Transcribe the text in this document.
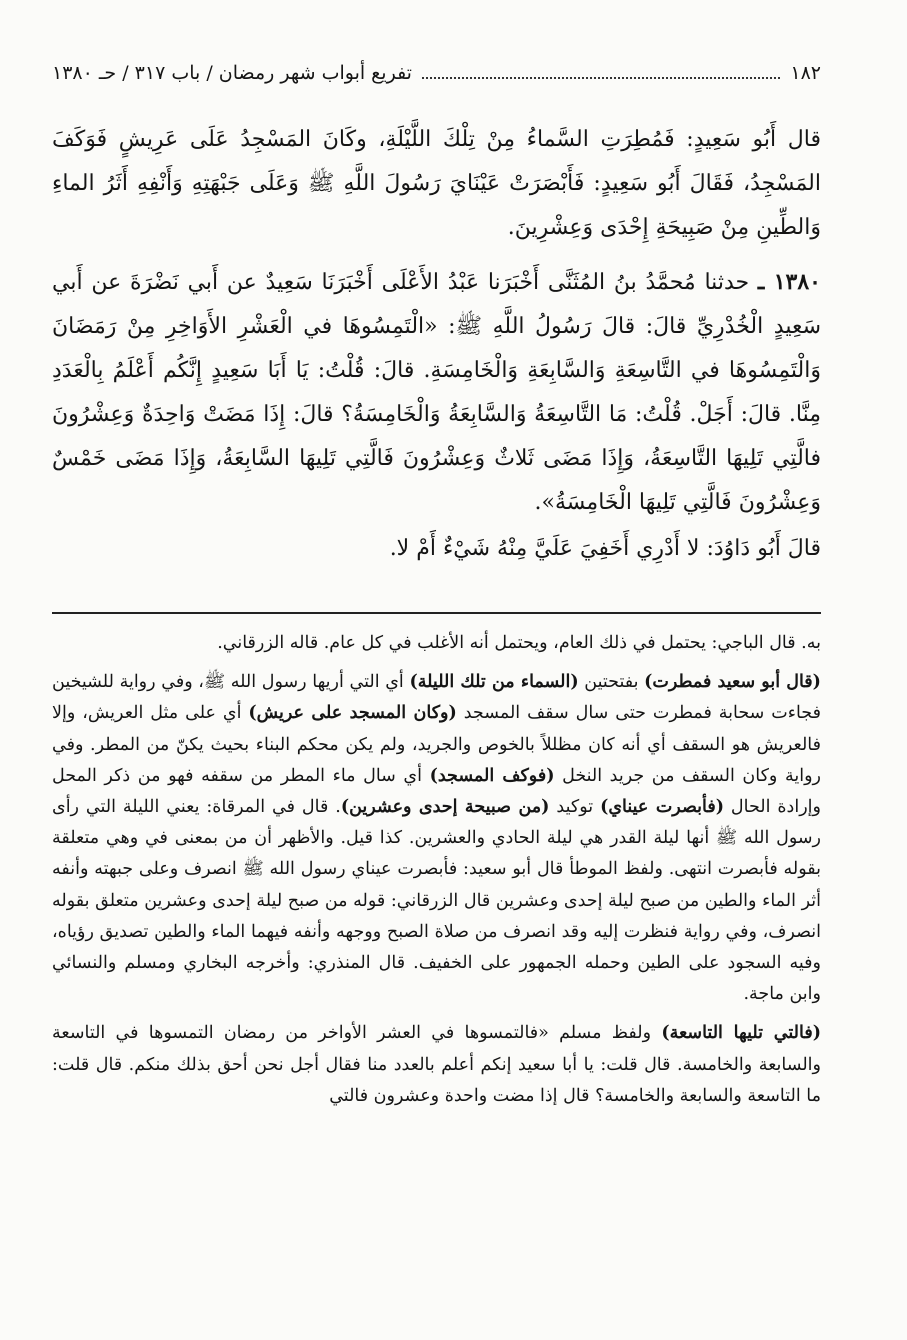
١٨٢
تفريع أبواب شهر رمضان / باب ٣١٧ / حـ ١٣٨٠

قال أَبُو سَعِيدٍ: فَمُطِرَتِ السَّماءُ مِنْ تِلْكَ اللَّيْلَةِ، وكَانَ المَسْجِدُ عَلَى عَرِيشٍ فَوَكَفَ المَسْجِدُ، فَقَالَ أَبُو سَعِيدٍ: فَأَبْصَرَتْ عَيْنَايَ رَسُولَ اللَّهِ ﷺ وَعَلَى جَبْهَتِهِ وَأَنْفِهِ أَثَرُ الماءِ وَالطِّينِ مِنْ صَبِيحَةِ إِحْدَى وَعِشْرِينَ.

١٣٨٠ ـ حدثنا مُحمَّدُ بنُ المُثَنَّى أَخْبَرَنا عَبْدُ الأَعْلَى أَخْبَرَنَا سَعِيدٌ عن أَبي نَضْرَةَ عن أَبي سَعِيدٍ الْخُدْرِيِّ قالَ: قالَ رَسُولُ اللَّهِ ﷺ: «الْتَمِسُوهَا في الْعَشْرِ الأَوَاخِرِ مِنْ رَمَضَانَ وَالْتَمِسُوهَا في التَّاسِعَةِ وَالسَّابِعَةِ وَالْخَامِسَةِ. قالَ: قُلْتُ: يَا أَبَا سَعِيدٍ إِنَّكُم أَعْلَمُ بِالْعَدَدِ مِنَّا. قالَ: أَجَلْ. قُلْتُ: مَا التَّاسِعَةُ وَالسَّابِعَةُ وَالْخَامِسَةُ؟ قالَ: إِذَا مَضَتْ وَاحِدَةٌ وَعِشْرُونَ فالَّتِي تَلِيهَا التَّاسِعَةُ، وَإِذَا مَضَى ثَلاثٌ وَعِشْرُونَ فَالَّتِي تَلِيهَا السَّابِعَةُ، وَإِذَا مَضَى خَمْسٌ وَعِشْرُونَ فَالَّتِي تَلِيهَا الْخَامِسَةُ».

قالَ أَبُو دَاوُدَ: لا أَدْرِي أَخَفِيَ عَلَيَّ مِنْهُ شَيْءٌ أَمْ لا.

به. قال الباجي: يحتمل في ذلك العام، ويحتمل أنه الأغلب في كل عام. قاله الزرقاني.

(قال أبو سعيد فمطرت) بفتحتين (السماء من تلك الليلة) أي التي أريها رسول الله ﷺ، وفي رواية للشيخين فجاءت سحابة فمطرت حتى سال سقف المسجد (وكان المسجد على عريش) أي على مثل العريش، وإلا فالعريش هو السقف أي أنه كان مظللاً بالخوص والجريد، ولم يكن محكم البناء بحيث يكنّ من المطر. وفي رواية وكان السقف من جريد النخل (فوكف المسجد) أي سال ماء المطر من سقفه فهو من ذكر المحل وإرادة الحال (فأبصرت عيناي) توكيد (من صبيحة إحدى وعشرين). قال في المرقاة: يعني الليلة التي رأى رسول الله ﷺ أنها ليلة القدر هي ليلة الحادي والعشرين. كذا قيل. والأظهر أن من بمعنى في وهي متعلقة بقوله فأبصرت انتهى. ولفظ الموطأ قال أبو سعيد: فأبصرت عيناي رسول الله ﷺ انصرف وعلى جبهته وأنفه أثر الماء والطين من صبح ليلة إحدى وعشرين قال الزرقاني: قوله من صبح ليلة إحدى وعشرين متعلق بقوله انصرف، وفي رواية فنظرت إليه وقد انصرف من صلاة الصبح ووجهه وأنفه فيهما الماء والطين تصديق رؤياه، وفيه السجود على الطين وحمله الجمهور على الخفيف. قال المنذري: وأخرجه البخاري ومسلم والنسائي وابن ماجة.

(فالتي تليها التاسعة) ولفظ مسلم «فالتمسوها في العشر الأواخر من رمضان التمسوها في التاسعة والسابعة والخامسة. قال قلت: يا أبا سعيد إنكم أعلم بالعدد منا فقال أجل نحن أحق بذلك منكم. قال قلت: ما التاسعة والسابعة والخامسة؟ قال إذا مضت واحدة وعشرون فالتي
